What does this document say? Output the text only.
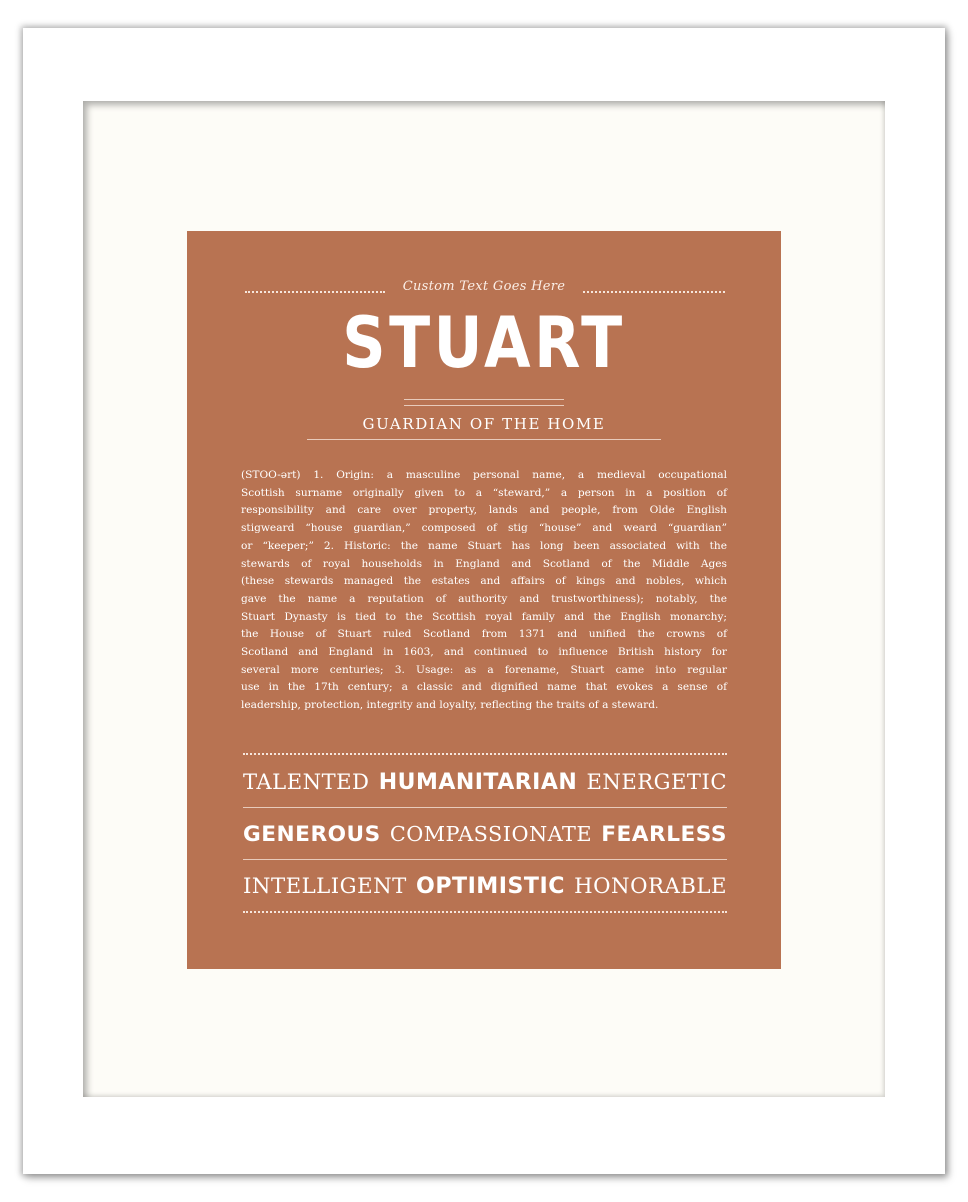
Custom Text Goes Here
STUART
GUARDIAN OF THE HOME
(STOO-ərt) 1. Origin: a masculine personal name, a medieval occupational
Scottish surname originally given to a “steward,” a person in a position of
responsibility and care over property, lands and people, from Olde English
stigweard “house guardian,” composed of stig “house” and weard “guardian”
or “keeper;” 2. Historic: the name Stuart has long been associated with the
stewards of royal households in England and Scotland of the Middle Ages
(these stewards managed the estates and affairs of kings and nobles, which
gave the name a reputation of authority and trustworthiness); notably, the
Stuart Dynasty is tied to the Scottish royal family and the English monarchy;
the House of Stuart ruled Scotland from 1371 and unified the crowns of
Scotland and England in 1603, and continued to influence British history for
several more centuries; 3. Usage: as a forename, Stuart came into regular
use in the 17th century; a classic and dignified name that evokes a sense of
leadership, protection, integrity and loyalty, reflecting the traits of a steward.
TALENTED HUMANITARIAN ENERGETIC
GENEROUS COMPASSIONATE FEARLESS
INTELLIGENT OPTIMISTIC HONORABLE
